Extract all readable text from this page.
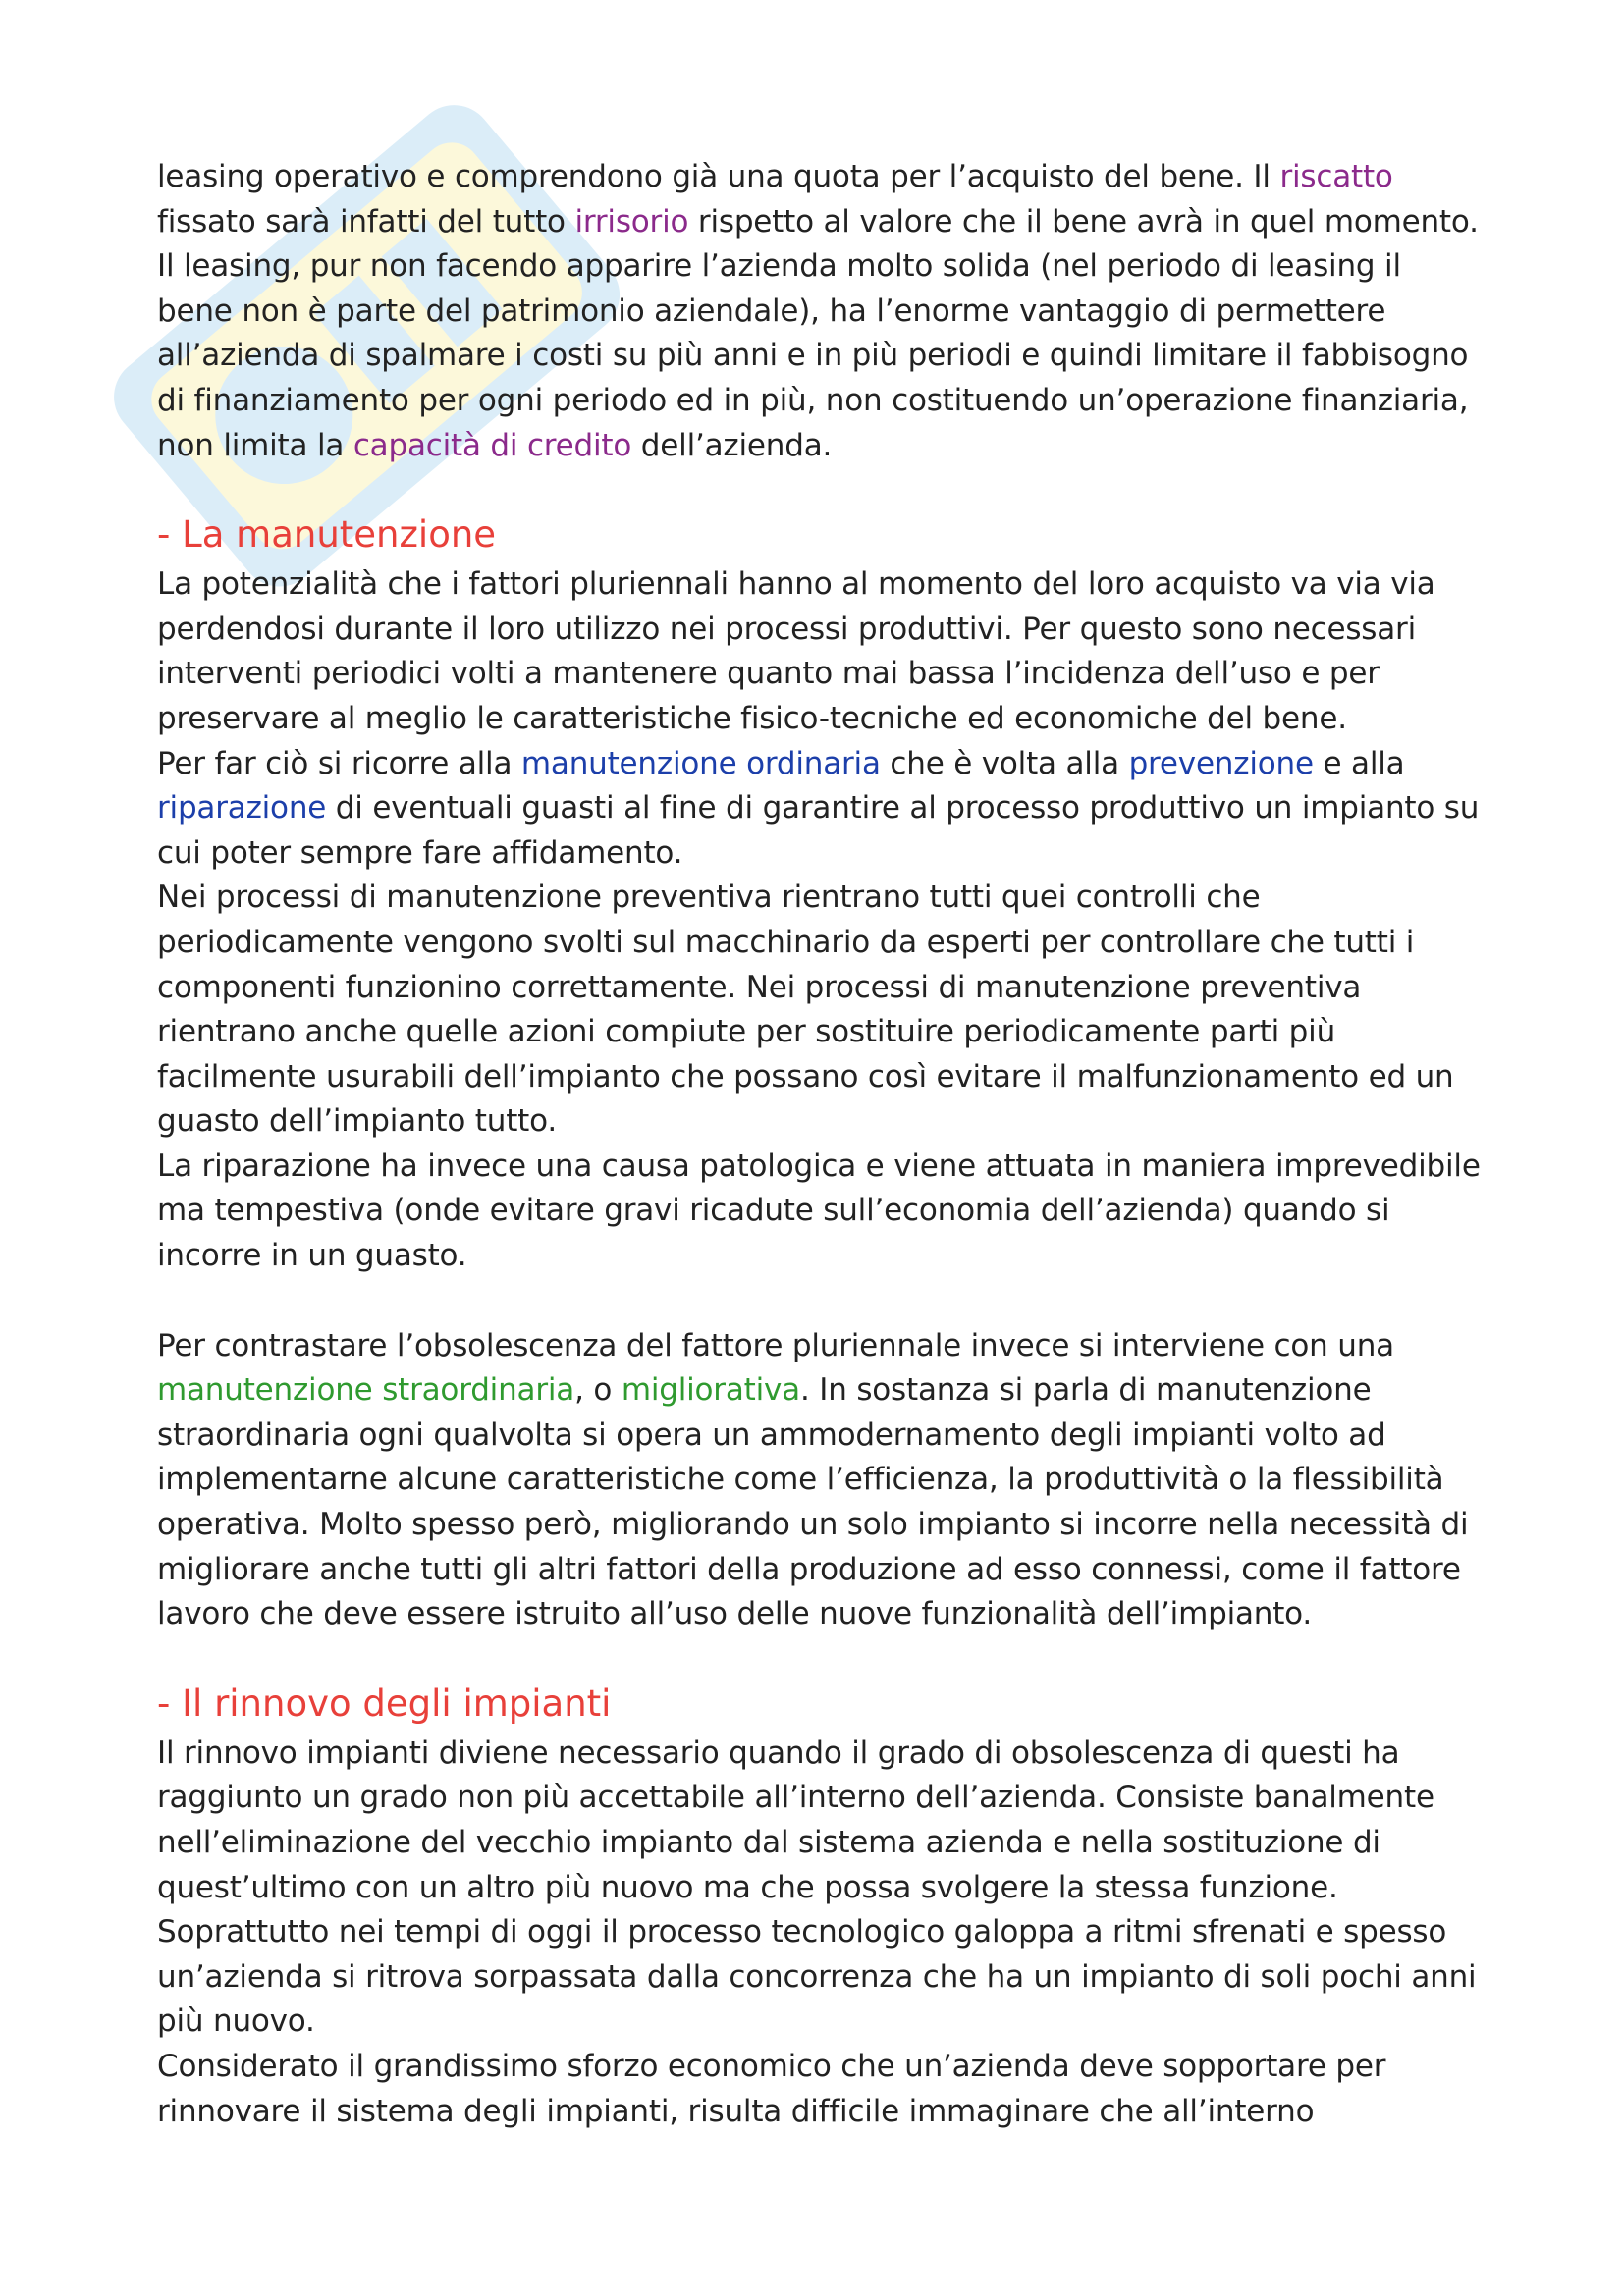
leasing operativo e comprendono già una quota per l’acquisto del bene. Il riscatto fissato sarà infatti del tutto irrisorio rispetto al valore che il bene avrà in quel momento. Il leasing, pur non facendo apparire l’azienda molto solida (nel periodo di leasing il bene non è parte del patrimonio aziendale), ha l’enorme vantaggio di permettere all’azienda di spalmare i costi su più anni e in più periodi e quindi limitare il fabbisogno di finanziamento per ogni periodo ed in più, non costituendo un’operazione finanziaria, non limita la capacità di credito dell’azienda.

- La manutenzione

La potenzialità che i fattori pluriennali hanno al momento del loro acquisto va via via perdendosi durante il loro utilizzo nei processi produttivi. Per questo sono necessari interventi periodici volti a mantenere quanto mai bassa l’incidenza dell’uso e per preservare al meglio le caratteristiche fisico-tecniche ed economiche del bene.

Per far ciò si ricorre alla manutenzione ordinaria che è volta alla prevenzione e alla riparazione di eventuali guasti al fine di garantire al processo produttivo un impianto su cui poter sempre fare affidamento.

Nei processi di manutenzione preventiva rientrano tutti quei controlli che periodicamente vengono svolti sul macchinario da esperti per controllare che tutti i componenti funzionino correttamente. Nei processi di manutenzione preventiva rientrano anche quelle azioni compiute per sostituire periodicamente parti più facilmente usurabili dell’impianto che possano così evitare il malfunzionamento ed un guasto dell’impianto tutto.

La riparazione ha invece una causa patologica e viene attuata in maniera imprevedibile ma tempestiva (onde evitare gravi ricadute sull’economia dell’azienda) quando si incorre in un guasto.

Per contrastare l’obsolescenza del fattore pluriennale invece si interviene con una manutenzione straordinaria, o migliorativa. In sostanza si parla di manutenzione straordinaria ogni qualvolta si opera un ammodernamento degli impianti volto ad implementarne alcune caratteristiche come l’efficienza, la produttività o la flessibilità operativa. Molto spesso però, migliorando un solo impianto si incorre nella necessità di migliorare anche tutti gli altri fattori della produzione ad esso connessi, come il fattore lavoro che deve essere istruito all’uso delle nuove funzionalità dell’impianto.

- Il rinnovo degli impianti

Il rinnovo impianti diviene necessario quando il grado di obsolescenza di questi ha raggiunto un grado non più accettabile all’interno dell’azienda. Consiste banalmente nell’eliminazione del vecchio impianto dal sistema azienda e nella sostituzione di quest’ultimo con un altro più nuovo ma che possa svolgere la stessa funzione.

Soprattutto nei tempi di oggi il processo tecnologico galoppa a ritmi sfrenati e spesso un’azienda si ritrova sorpassata dalla concorrenza che ha un impianto di soli pochi anni più nuovo.

Considerato il grandissimo sforzo economico che un’azienda deve sopportare per rinnovare il sistema degli impianti, risulta difficile immaginare che all’interno
